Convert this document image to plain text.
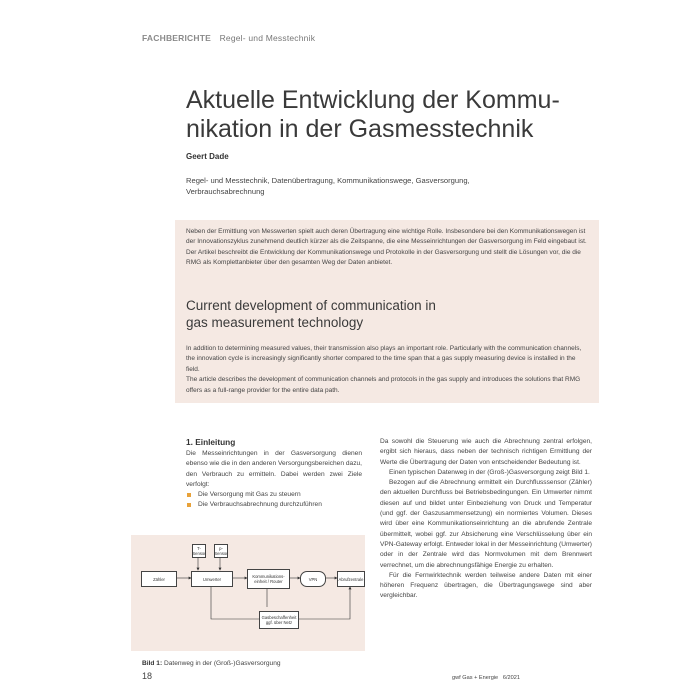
FACHBERICHTE Regel- und Messtechnik
Aktuelle Entwicklung der Kommu-
nikation in der Gasmesstechnik
Geert Dade
Regel- und Messtechnik, Datenübertragung, Kommunikationswege, Gasversorgung, Verbrauchsabrechnung
Neben der Ermittlung von Messwerten spielt auch deren Übertragung eine wichtige Rolle. Insbesondere bei den Kommunikationswegen ist der Innovationszyklus zunehmend deutlich kürzer als die Zeitspanne, die eine Messeinrichtungen der Gasversorgung im Feld eingebaut ist.
Der Artikel beschreibt die Entwicklung der Kommunikationswege und Protokolle in der Gasversorgung und stellt die Lösungen vor, die die RMG als Komplettanbieter über den gesamten Weg der Daten anbietet.
Current development of communication in
gas measurement technology
In addition to determining measured values, their transmission also plays an important role. Particularly with the communication channels, the innovation cycle is increasingly significantly shorter compared to the time span that a gas supply measuring device is installed in the field.
The article describes the development of communication channels and protocols in the gas supply and introduces the solutions that RMG offers as a full-range provider for the entire data path.
1. Einleitung

Die Messeinrichtungen in der Gasversorgung dienen ebenso wie die in den anderen Versorgungsbereichen dazu, den Verbrauch zu ermitteln. Dabei werden zwei Ziele verfolgt:

Die Versorgung mit Gas zu steuern
Die Verbrauchsabrechnung durchzuführen
Zähler	Umwerter	Kommunikations-einheit / Router	VPN	Abrufzentrale
T-Sensor
p-Sensor
Gasbeschaffenheit ggf. über Netz
Bild 1: Datenweg in der (Groß-)Gasversorgung

Da sowohl die Steuerung wie auch die Abrechnung zentral erfolgen, ergibt sich hieraus, dass neben der technisch richtigen Ermittlung der Werte die Übertragung der Daten von entscheidender Bedeutung ist.

Einen typischen Datenweg in der (Groß-)Gasversorgung zeigt Bild 1.

Bezogen auf die Abrechnung ermittelt ein Durchflusssensor (Zähler) den aktuellen Durchfluss bei Betriebsbedingungen. Ein Umwerter nimmt diesen auf und bildet unter Einbeziehung von Druck und Temperatur (und ggf. der Gaszusammensetzung) ein normiertes Volumen. Dieses wird über eine Kommunikationseinrichtung an die abrufende Zentrale übermittelt, wobei ggf. zur Absicherung eine Verschlüsselung über ein VPN-Gateway erfolgt. Entweder lokal in der Messeinrichtung (Umwerter) oder in der Zentrale wird das Normvolumen mit dem Brennwert verrechnet, um die abrechnungsfähige Energie zu erhalten.

Für die Fernwirktechnik werden teilweise andere Daten mit einer höheren Frequenz übertragen, die Übertragungswege sind aber vergleichbar.

18	gwf Gas + Energie   6/2021
